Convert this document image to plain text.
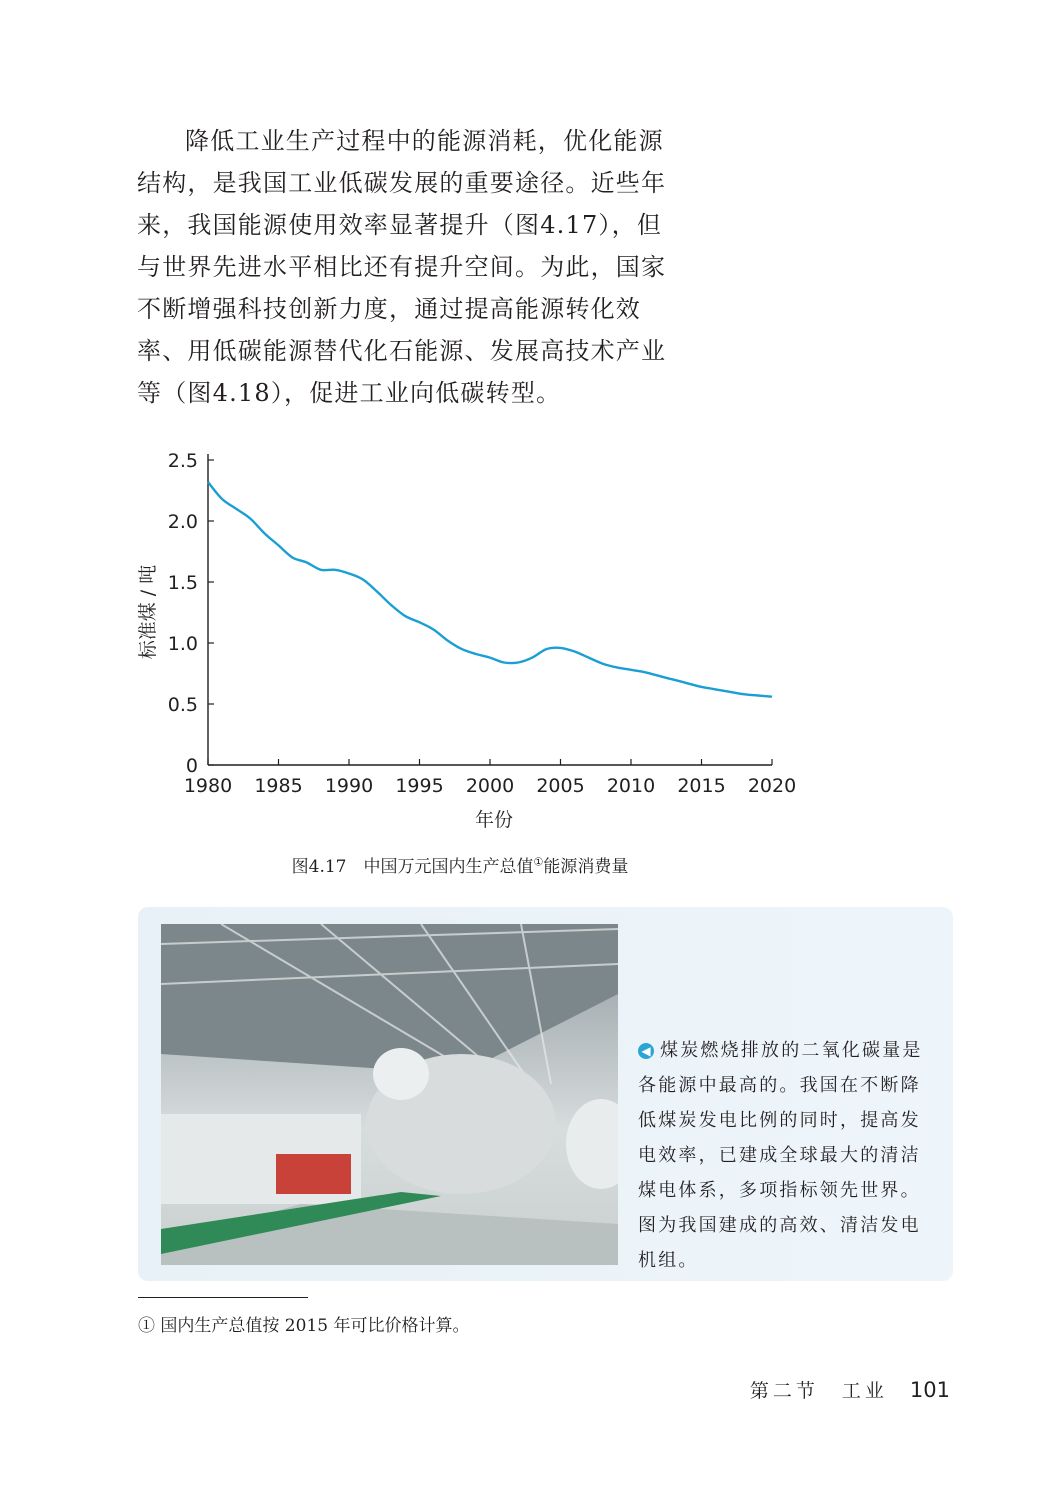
降低工业生产过程中的能源消耗，优化能源结构，是我国工业低碳发展的重要途径。近些年来，我国能源使用效率显著提升（图4.17），但与世界先进水平相比还有提升空间。为此，国家不断增强科技创新力度，通过提高能源转化效率、用低碳能源替代化石能源、发展高技术产业等（图4.18），促进工业向低碳转型。

0
0.5
1.0
1.5
2.0
2.5
1980 1985 1990 1995 2000 2005 2010 2015 2020
年份
标准煤 / 吨
图4.17　中国万元国内生产总值①能源消费量
◀ 煤炭燃烧排放的二氧化碳量是各能源中最高的。我国在不断降低煤炭发电比例的同时，提高发电效率，已建成全球最大的清洁煤电体系，多项指标领先世界。图为我国建成的高效、清洁发电机组。
① 国内生产总值按 2015 年可比价格计算。
第二节　工业 101
